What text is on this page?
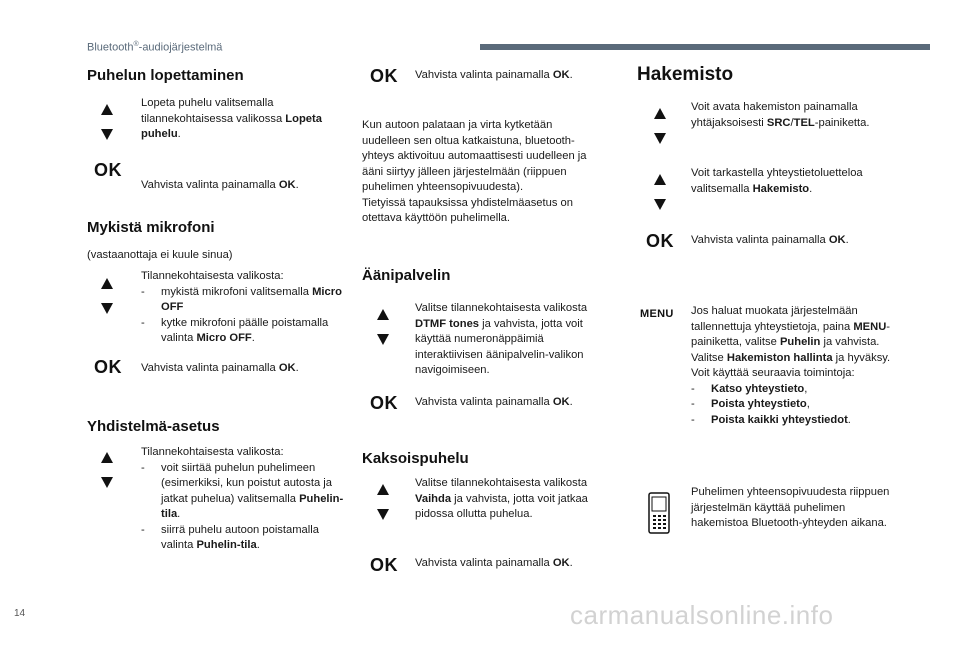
Bluetooth®-audiojärjestelmä
Puhelun lopettaminen

Lopeta puhelu valitsemalla tilannekohtaisessa valikossa Lopeta puhelu.

OK

Vahvista valinta painamalla OK.

Mykistä mikrofoni

(vastaanottaja ei kuule sinua)

Tilannekohtaisesta valikosta:

- mykistä mikrofoni valitsemalla Micro OFF
- kytke mikrofoni päälle poistamalla valinta Micro OFF.
OK Vahvista valinta painamalla OK.

Yhdistelmä-asetus

Tilannekohtaisesta valikosta:

- voit siirtää puhelun puhelimeen (esimerkiksi, kun poistut autosta ja jatkat puhelua) valitsemalla Puhelin-tila.
- siirrä puhelu autoon poistamalla valinta Puhelin-tila.
OK Vahvista valinta painamalla OK.

Kun autoon palataan ja virta kytketään uudelleen sen oltua katkaistuna, bluetooth-yhteys aktivoituu automaattisesti uudelleen ja ääni siirtyy jälleen järjestelmään (riippuen puhelimen yhteensopivuudesta).
Tietyissä tapauksissa yhdistelmäasetus on otettava käyttöön puhelimella.

Äänipalvelin

Valitse tilannekohtaisesta valikosta DTMF tones ja vahvista, jotta voit käyttää numeronäppäimiä interaktiivisen äänipalvelin-valikon navigoimiseen.

OK Vahvista valinta painamalla OK.

Kaksoispuhelu

Valitse tilannekohtaisesta valikosta Vaihda ja vahvista, jotta voit jatkaa pidossa ollutta puhelua.

OK Vahvista valinta painamalla OK.

Hakemisto

Voit avata hakemiston painamalla yhtäjaksoisesti SRC/TEL-painiketta.

Voit tarkastella yhteystietoluetteloa valitsemalla Hakemisto.

OK Vahvista valinta painamalla OK.

MENU Jos haluat muokata järjestelmään tallennettuja yhteystietoja, paina MENU-painiketta, valitse Puhelin ja vahvista.

Valitse Hakemiston hallinta ja hyväksy.

Voit käyttää seuraavia toimintoja:

- Katso yhteystieto,
- Poista yhteystieto,
- Poista kaikki yhteystiedot.

Puhelimen yhteensopivuudesta riippuen järjestelmän käyttää puhelimen hakemistoa Bluetooth-yhteyden aikana.

14	carmanualsonline.info
